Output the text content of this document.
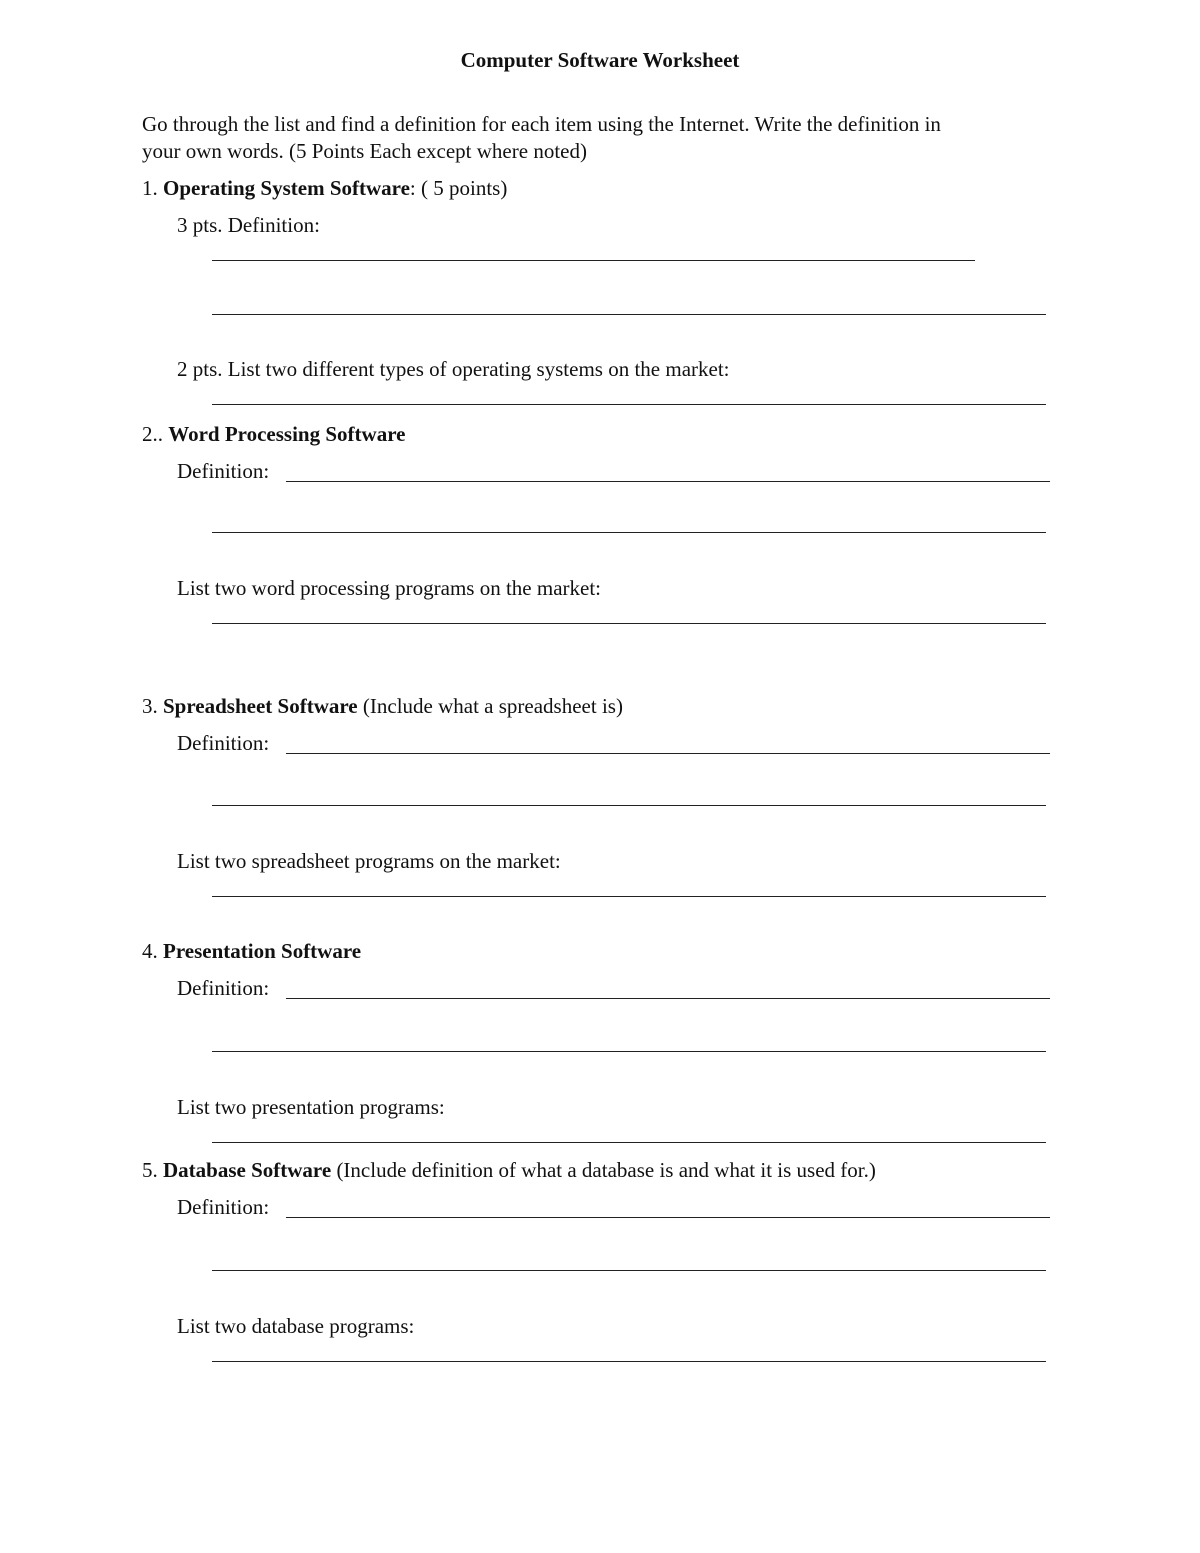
Computer Software Worksheet
Go through the list and find a definition for each item using the Internet. Write the definition in
your own words. (5 Points Each except where noted)
1. Operating System Software: ( 5 points)
3 pts. Definition:
2 pts. List two different types of operating systems on the market:
2.. Word Processing Software
Definition:
List two word processing programs on the market:
3. Spreadsheet Software (Include what a spreadsheet is)
Definition:
List two spreadsheet programs on the market:
4. Presentation Software
Definition:
List two presentation programs:
5. Database Software (Include definition of what a database is and what it is used for.)
Definition:
List two database programs:
